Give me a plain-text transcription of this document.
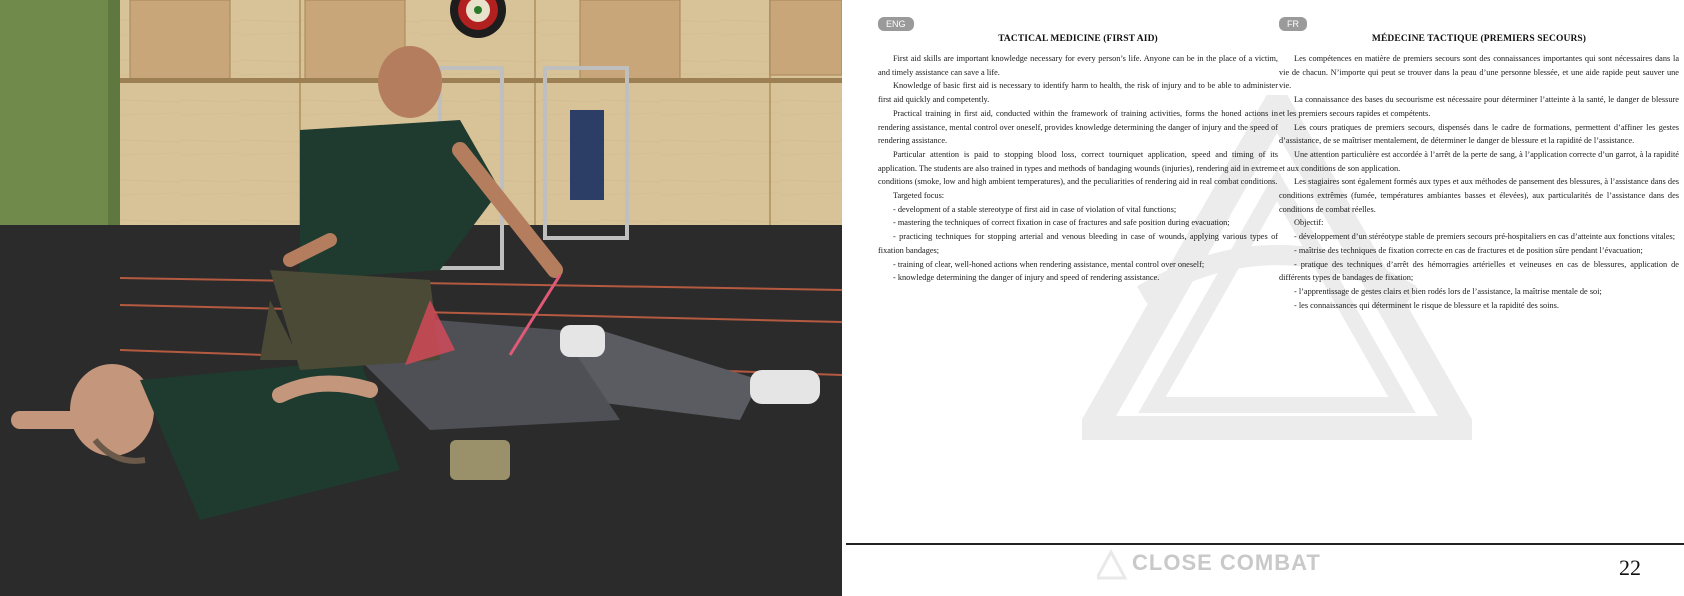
ENG
TACTICAL MEDICINE (FIRST AID)

First aid skills are important knowledge necessary for every person’s life. Anyone can be in the place of a victim, and timely assistance can save a life.

Knowledge of basic first aid is necessary to identify harm to health, the risk of injury and to be able to administer first aid quickly and competently.

Practical training in first aid, conducted within the framework of training activities, forms the honed actions in rendering assistance, mental control over oneself, provides knowledge determining the danger of injury and the speed of rendering assistance.

Particular attention is paid to stopping blood loss, correct tourniquet application, speed and timing of its application. The students are also trained in types and methods of bandaging wounds (injuries), rendering aid in extreme conditions (smoke, low and high ambient temperatures), and the peculiarities of rendering aid in real combat conditions.

Targeted focus:

- development of a stable stereotype of first aid in case of violation of vital functions;

- mastering the techniques of correct fixation in case of fractures and safe position during evacuation;

- practicing techniques for stopping arterial and venous bleeding in case of wounds, applying various types of fixation bandages;

- training of clear, well-honed actions when rendering assistance, mental control over oneself;

- knowledge determining the danger of injury and speed of rendering assistance.

FR
MÉDECINE TACTIQUE (PREMIERS SECOURS)

Les compétences en matière de premiers secours sont des connaissances importantes qui sont nécessaires dans la vie de chacun. N’importe qui peut se trouver dans la peau d’une personne blessée, et une aide rapide peut sauver une vie.

La connaissance des bases du secourisme est nécessaire pour déterminer l’atteinte à la santé, le danger de blessure et les premiers secours rapides et compétents.

Les cours pratiques de premiers secours, dispensés dans le cadre de formations, permettent d’affiner les gestes d’assistance, de se maîtriser mentalement, de déterminer le danger de blessure et la rapidité de l’assistance.

Une attention particulière est accordée à l’arrêt de la perte de sang, à l’application correcte d’un garrot, à la rapidité et aux conditions de son application.

Les stagiaires sont également formés aux types et aux méthodes de pansement des blessures, à l’assistance dans des conditions extrêmes (fumée, températures ambiantes basses et élevées), aux particularités de l’assistance dans des conditions de combat réelles.

Objectif:

- développement d’un stéréotype stable de premiers secours pré-hospitaliers en cas d’atteinte aux fonctions vitales;

- maîtrise des techniques de fixation correcte en cas de fractures et de position sûre pendant l’évacuation;

- pratique des techniques d’arrêt des hémorragies artérielles et veineuses en cas de blessures, application de différents types de bandages de fixation;

- l’apprentissage de gestes clairs et bien rodés lors de l’assistance, la maîtrise mentale de soi;

- les connaissances qui déterminent le risque de blessure et la rapidité des soins.

CLOSE COMBAT	22
